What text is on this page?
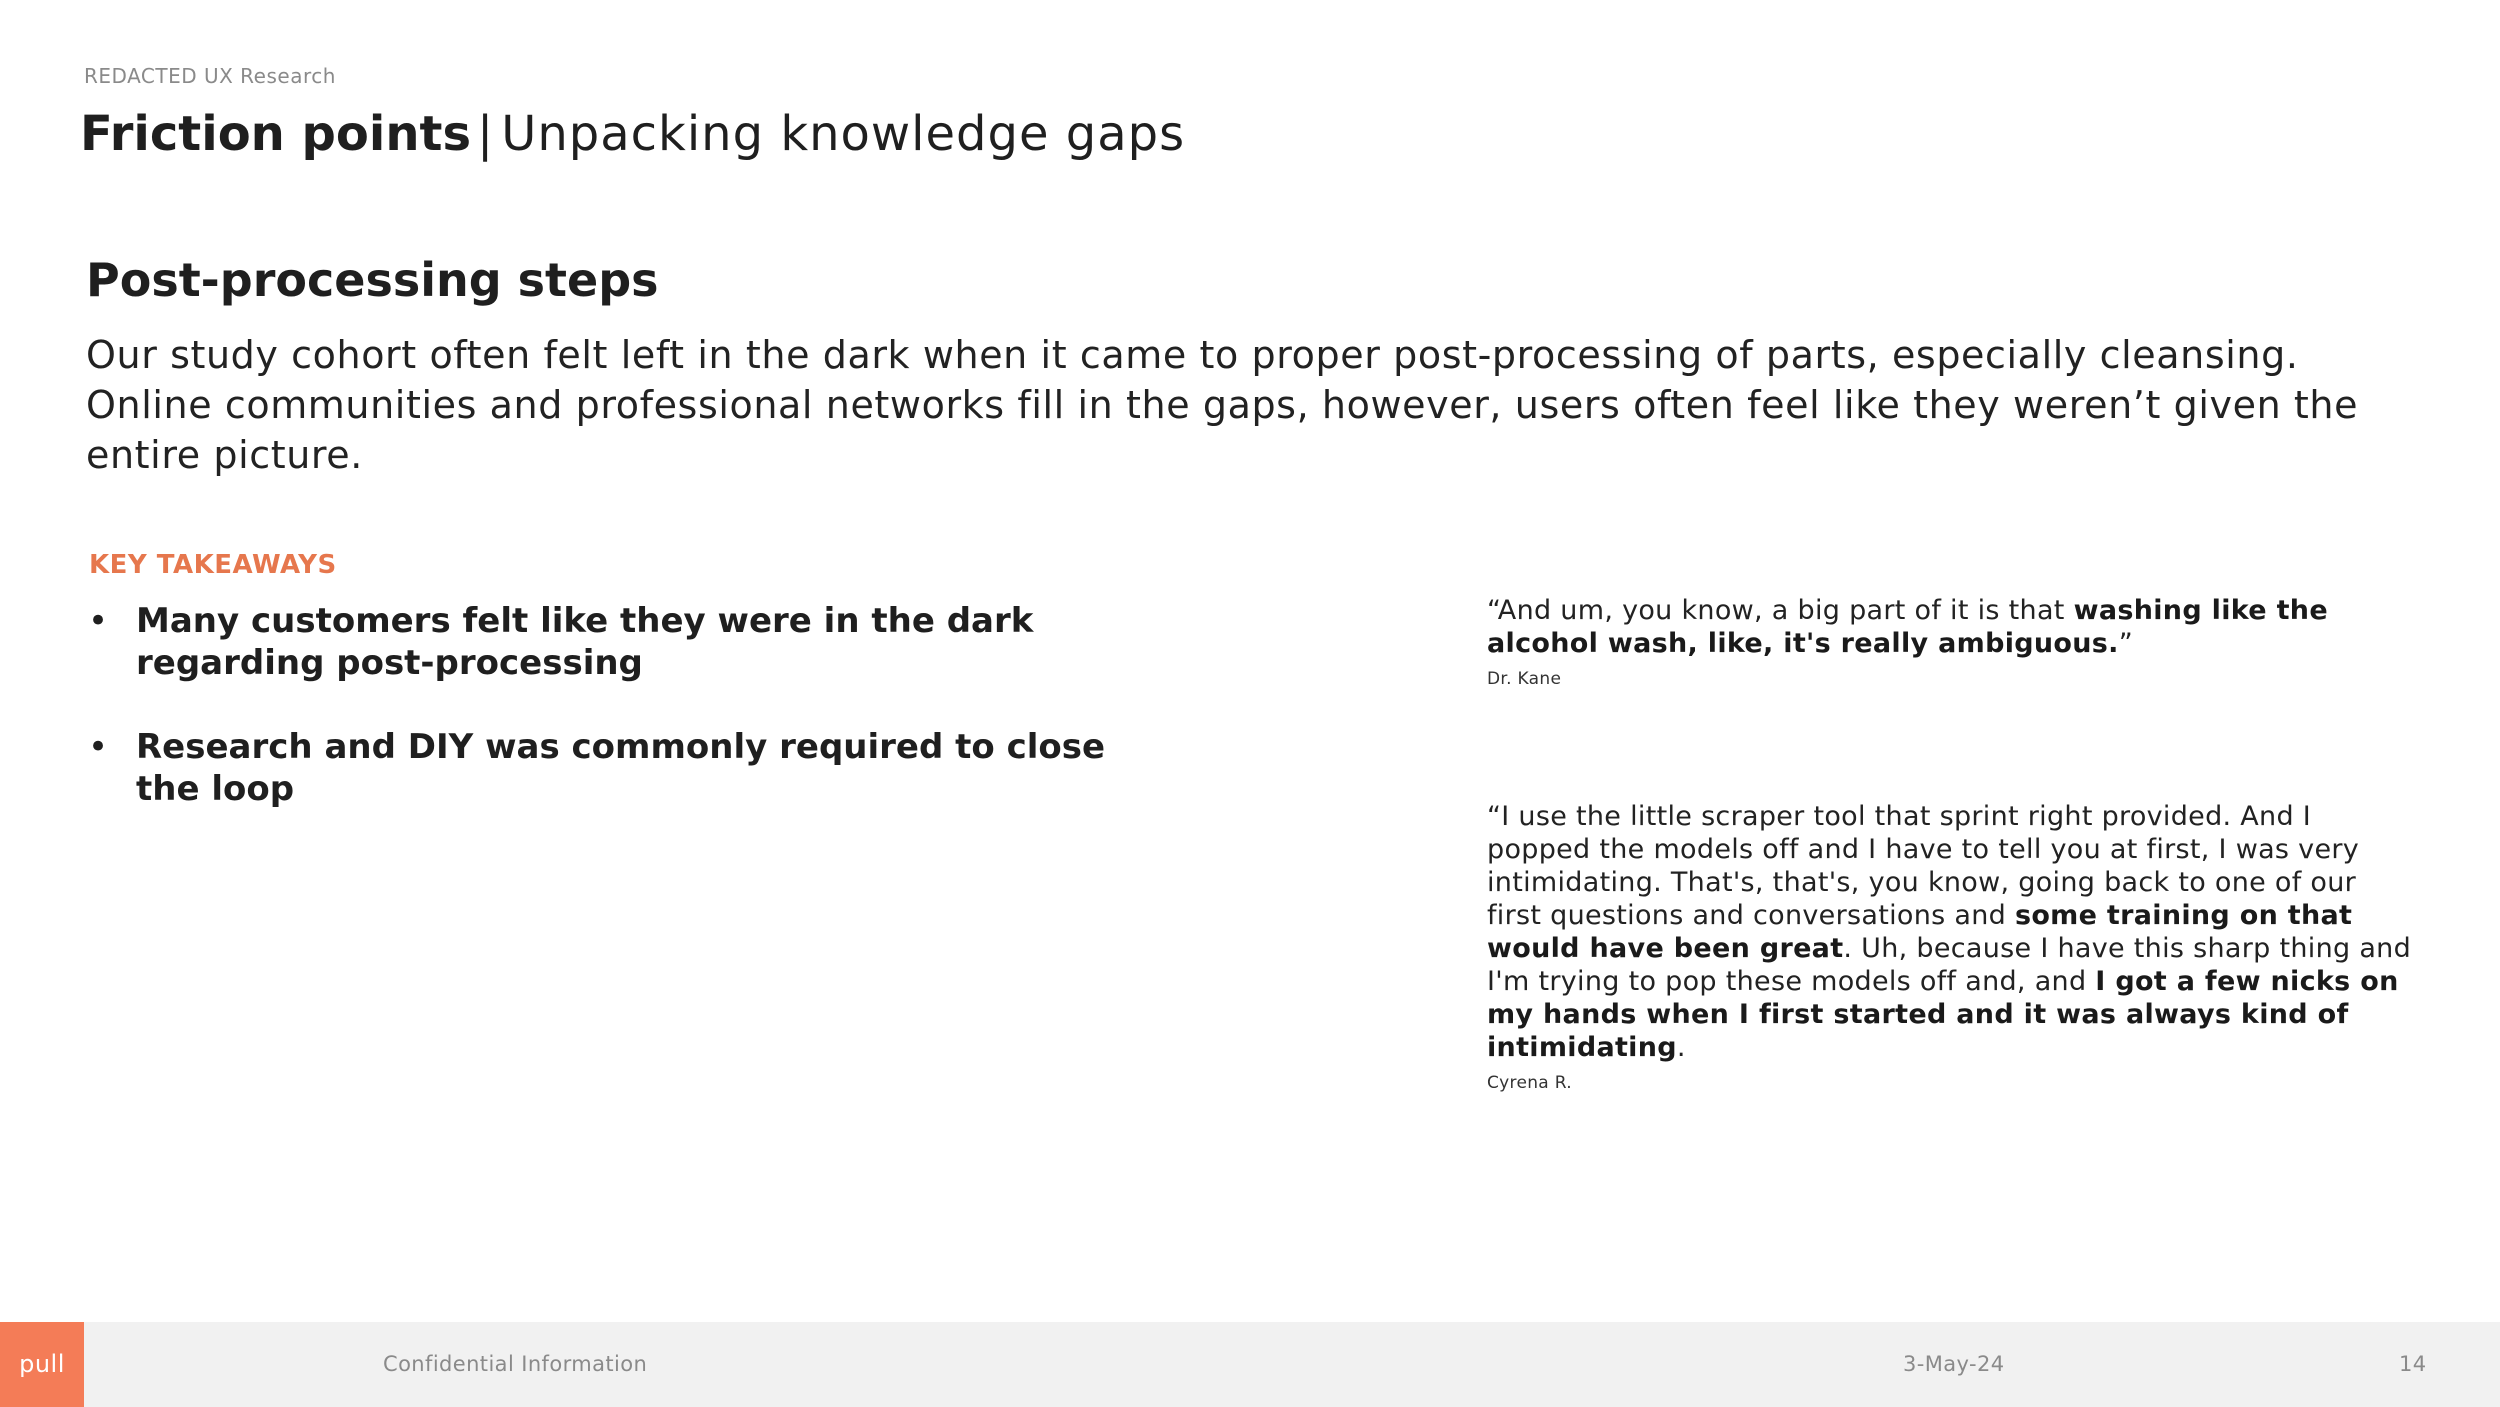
REDACTED UX Research
Friction points | Unpacking knowledge gaps
Post-processing steps

Our study cohort often felt left in the dark when it came to proper post-processing of parts, especially cleansing. Online communities and professional networks fill in the gaps, however, users often feel like they weren’t given the entire picture.

KEY TAKEAWAYS
• Many customers felt like they were in the dark regarding post-processing
• Research and DIY was commonly required to close the loop
“And um, you know, a big part of it is that washing like the alcohol wash, like, it's really ambiguous.”
Dr. Kane
“I use the little scraper tool that sprint right provided. And I popped the models off and I have to tell you at first, I was very intimidating. That's, that's, you know, going back to one of our first questions and conversations and some training on that would have been great. Uh, because I have this sharp thing and I'm trying to pop these models off and, and I got a few nicks on my hands when I first started and it was always kind of intimidating.
Cyrena R.
pull	Confidential Information	3-May-24	14
